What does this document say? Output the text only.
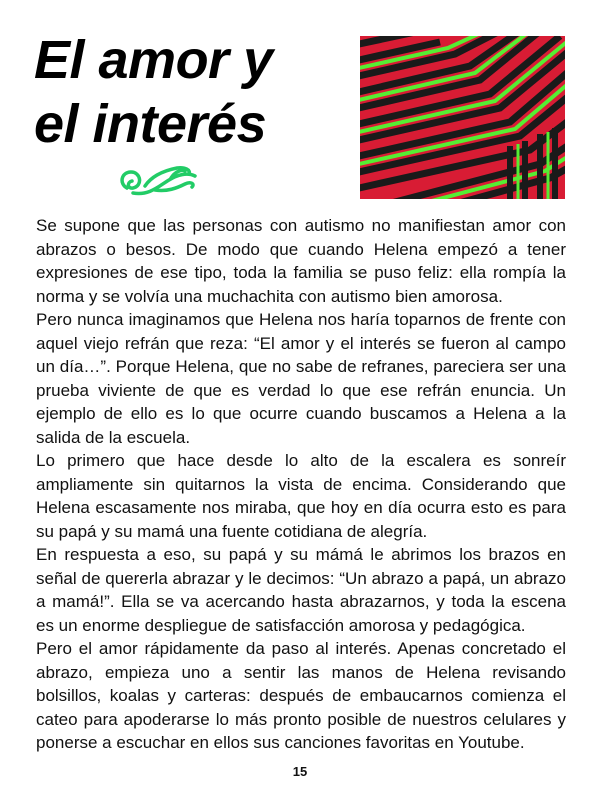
El amor y
el interés

Se supone que las personas con autismo no manifiestan amor con abrazos o besos. De modo que cuando Helena empezó a tener expresiones de ese tipo, toda la familia se puso feliz: ella rompía la norma y se volvía una muchachita con autismo bien amorosa.

Pero nunca imaginamos que Helena nos haría toparnos de frente con aquel viejo refrán que reza: “El amor y el interés se fueron al campo un día…”. Porque Helena, que no sabe de refranes, pareciera ser una prueba viviente de que es verdad lo que ese refrán enuncia. Un ejemplo de ello es lo que ocurre cuando buscamos a Helena a la salida de la escuela.

Lo primero que hace desde lo alto de la escalera es sonreír ampliamente sin quitarnos la vista de encima. Considerando que Helena escasamente nos miraba, que hoy en día ocurra esto es para su papá y su mamá una fuente cotidiana de alegría.

En respuesta a eso, su papá y su mámá le abrimos los brazos en señal de quererla abrazar y le decimos: “Un abrazo a papá, un abrazo a mamá!”. Ella se va acercando hasta abrazarnos, y toda la escena es un enorme despliegue de satisfacción amorosa y pedagógica.

Pero el amor rápidamente da paso al interés. Apenas concretado el abrazo, empieza uno a sentir las manos de Helena revisando bolsillos, koalas y carteras: después de embaucarnos comienza el cateo para apoderarse lo más pronto posible de nuestros celulares y ponerse a escuchar en ellos sus canciones favoritas en Youtube.

15
